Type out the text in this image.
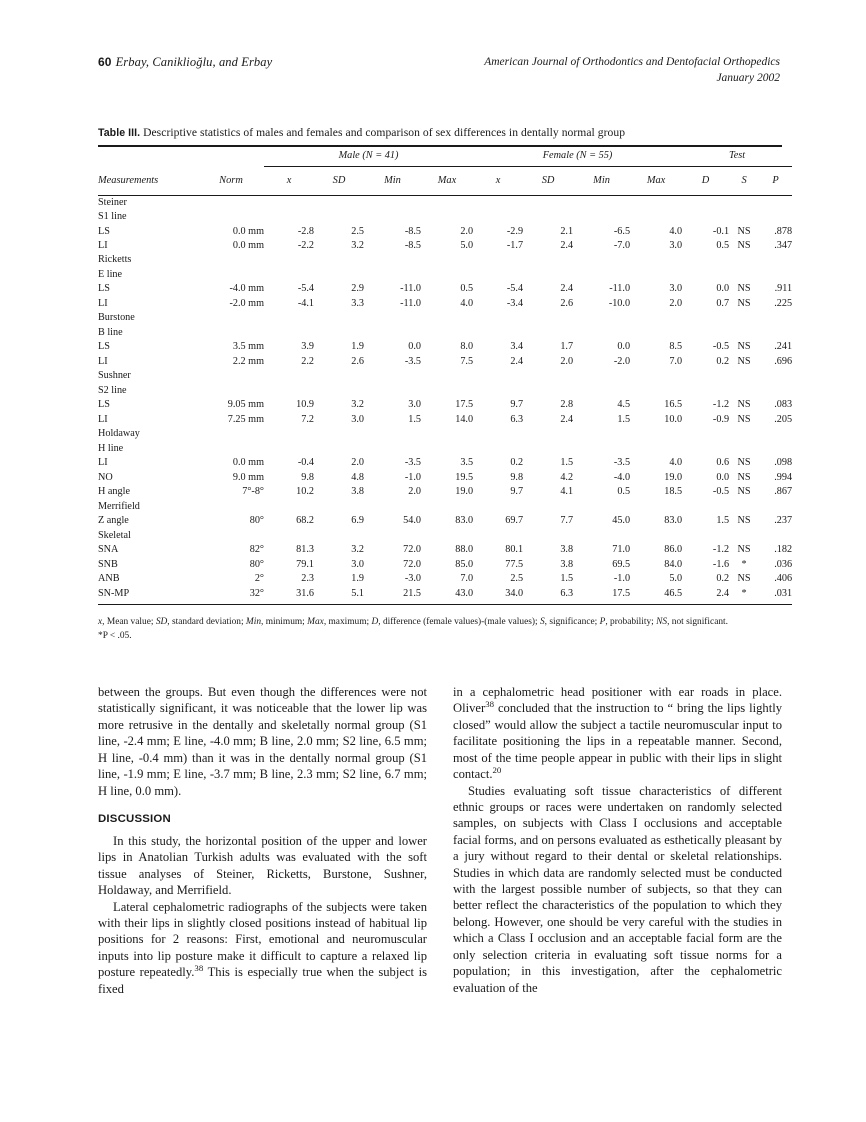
60 Erbay, Caniklioğlu, and Erbay	American Journal of Orthodontics and Dentofacial Orthopedics
January 2002
Table III. Descriptive statistics of males and females and comparison of sex differences in dentally normal group
		Male (N = 41)				Female (N = 55)				Test		
Measurements	Norm	x	SD	Min	Max	x	SD	Min	Max	D	S	P

Steiner												
S1 line												
LS	0.0 mm	-2.8	2.5	-8.5	2.0	-2.9	2.1	-6.5	4.0	-0.1	NS	.878
LI	0.0 mm	-2.2	3.2	-8.5	5.0	-1.7	2.4	-7.0	3.0	0.5	NS	.347
Ricketts												
E line												
LS	-4.0 mm	-5.4	2.9	-11.0	0.5	-5.4	2.4	-11.0	3.0	0.0	NS	.911
LI	-2.0 mm	-4.1	3.3	-11.0	4.0	-3.4	2.6	-10.0	2.0	0.7	NS	.225
Burstone												
B line												
LS	3.5 mm	3.9	1.9	0.0	8.0	3.4	1.7	0.0	8.5	-0.5	NS	.241
LI	2.2 mm	2.2	2.6	-3.5	7.5	2.4	2.0	-2.0	7.0	0.2	NS	.696
Sushner												
S2 line												
LS	9.05 mm	10.9	3.2	3.0	17.5	9.7	2.8	4.5	16.5	-1.2	NS	.083
LI	7.25 mm	7.2	3.0	1.5	14.0	6.3	2.4	1.5	10.0	-0.9	NS	.205
Holdaway												
H line												
LI	0.0 mm	-0.4	2.0	-3.5	3.5	0.2	1.5	-3.5	4.0	0.6	NS	.098
NO	9.0 mm	9.8	4.8	-1.0	19.5	9.8	4.2	-4.0	19.0	0.0	NS	.994
H angle	7°-8°	10.2	3.8	2.0	19.0	9.7	4.1	0.5	18.5	-0.5	NS	.867
Merrifield												
Z angle	80°	68.2	6.9	54.0	83.0	69.7	7.7	45.0	83.0	1.5	NS	.237
Skeletal												
SNA	82°	81.3	3.2	72.0	88.0	80.1	3.8	71.0	86.0	-1.2	NS	.182
SNB	80°	79.1	3.0	72.0	85.0	77.5	3.8	69.5	84.0	-1.6	*	.036
ANB	2°	2.3	1.9	-3.0	7.0	2.5	1.5	-1.0	5.0	0.2	NS	.406
SN-MP	32°	31.6	5.1	21.5	43.0	34.0	6.3	17.5	46.5	2.4	*	.031

x, Mean value; SD, standard deviation; Min, minimum; Max, maximum; D, difference (female values)-(male values); S, significance; P, probability; NS, not significant.
*P < .05.

between the groups. But even though the differences were not statistically significant, it was noticeable that the lower lip was more retrusive in the dentally and skeletally normal group (S1 line, -2.4 mm; E line, -4.0 mm; B line, 2.0 mm; S2 line, 6.5 mm; H line, -0.4 mm) than it was in the dentally normal group (S1 line, -1.9 mm; E line, -3.7 mm; B line, 2.3 mm; S2 line, 6.7 mm; H line, 0.0 mm).

DISCUSSION

In this study, the horizontal position of the upper and lower lips in Anatolian Turkish adults was evaluated with the soft tissue analyses of Steiner, Ricketts, Burstone, Sushner, Holdaway, and Merrifield.

Lateral cephalometric radiographs of the subjects were taken with their lips in slightly closed positions instead of habitual lip positions for 2 reasons: First, emotional and neuromuscular inputs into lip posture make it difficult to capture a relaxed lip posture repeatedly.$^{38}$ This is especially true when the subject is fixed

in a cephalometric head positioner with ear roads in place. Oliver$^{38}$ concluded that the instruction to “ bring the lips lightly closed” would allow the subject a tactile neuromuscular input to facilitate positioning the lips in a repeatable manner. Second, most of the time people appear in public with their lips in slight contact.$^{20}$

Studies evaluating soft tissue characteristics of different ethnic groups or races were undertaken on randomly selected samples, on subjects with Class I occlusions and acceptable facial forms, and on persons evaluated as esthetically pleasant by a jury without regard to their dental or skeletal relationships. Studies in which data are randomly selected must be conducted with the largest possible number of subjects, so that they can better reflect the characteristics of the population to which they belong. However, one should be very careful with the studies in which a Class I occlusion and an acceptable facial form are the only selection criteria in evaluating soft tissue norms for a population; in this investigation, after the cephalometric evaluation of the
